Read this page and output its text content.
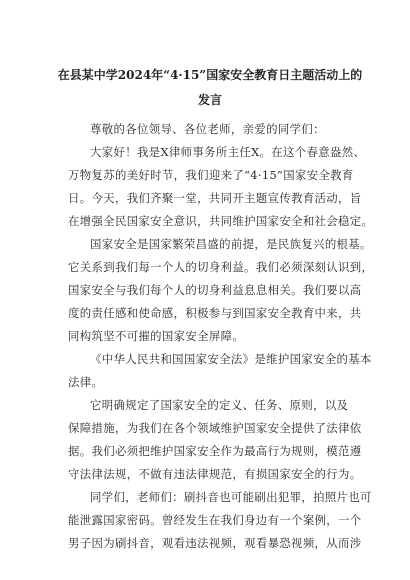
在县某中学2024年“4·15”国家安全教育日主题活动上的
发言
尊敬的各位领导、各位老师，亲爱的同学们：
大家好！我是X律师事务所主任X。在这个春意盎然、
万物复苏的美好时节，我们迎来了“4·15”国家安全教育
日。今天，我们齐聚一堂，共同开主题宣传教育活动，旨
在增强全民国家安全意识，共同维护国家安全和社会稳定。
国家安全是国家繁荣昌盛的前提，是民族复兴的根基。
它关系到我们每一个人的切身利益。我们必须深刻认识到，
国家安全与我们每个人的切身利益息息相关。我们要以高
度的责任感和使命感，积极参与到国家安全教育中来，共
同构筑坚不可摧的国家安全屏障。
《中华人民共和国国家安全法》是维护国家安全的基本
法律。
它明确规定了国家安全的定义、任务、原则，以及
保障措施，为我们在各个领域维护国家安全提供了法律依
据。我们必须把维护国家安全作为最高行为规则，模范遵
守法律法规，不做有违法律规范，有损国家安全的行为。
同学们，老师们：刷抖音也可能刷出犯罪，拍照片也可
能泄露国家密码。曾经发生在我们身边有一个案例，一个
男子因为刷抖音，观看违法视频，观看暴恐视频，从而涉
